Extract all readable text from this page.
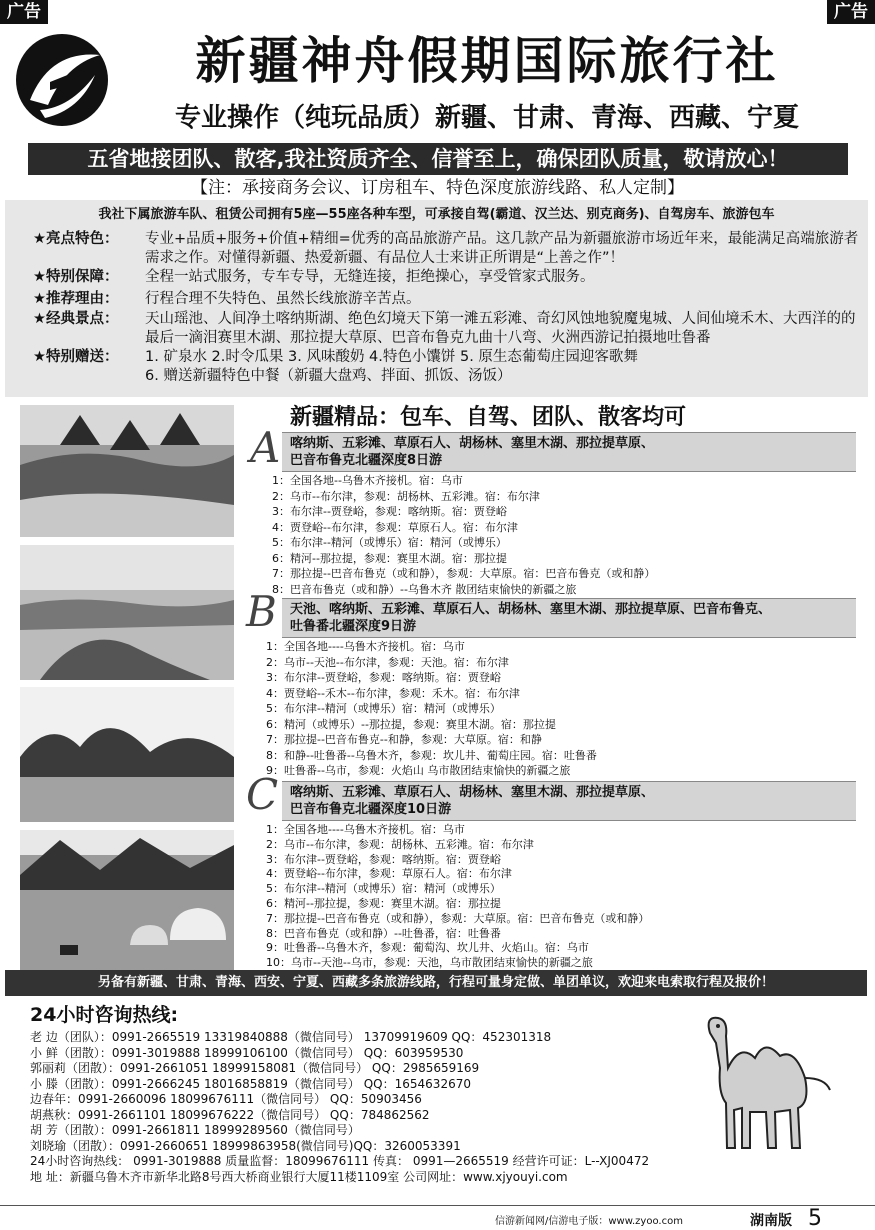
广告	广告
新疆神舟假期国际旅行社
专业操作（纯玩品质）新疆、甘肃、青海、西藏、宁夏
五省地接团队、散客,我社资质齐全、信誉至上，确保团队质量，敬请放心！
【注：承接商务会议、订房租车、特色深度旅游线路、私人定制】
我社下属旅游车队、租赁公司拥有5座—55座各种车型，可承接自驾(霸道、汉兰达、别克商务)、自驾房车、旅游包车
★亮点特色：	专业+品质+服务+价值+精细=优秀的高品旅游产品。这几款产品为新疆旅游市场近年来，最能满足高端旅游者需求之作。对懂得新疆、热爱新疆、有品位人士来讲正所谓是“上善之作”！
★特别保障：	全程一站式服务，专车专导，无缝连接，拒绝操心，享受管家式服务。
★推荐理由：	行程合理不失特色、虽然长线旅游辛苦点。
★经典景点：	天山瑶池、人间净土喀纳斯湖、绝色幻境天下第一滩五彩滩、奇幻风蚀地貌魔鬼城、人间仙境禾木、大西洋的的最后一滴泪赛里木湖、那拉提大草原、巴音布鲁克九曲十八弯、火洲西游记拍摄地吐鲁番
★特别赠送：	1. 矿泉水 2.时令瓜果 3. 风味酸奶 4.特色小馕饼 5. 原生态葡萄庄园迎客歌舞
6. 赠送新疆特色中餐（新疆大盘鸡、拌面、抓饭、汤饭）
新疆精品：包车、自驾、团队、散客均可
喀纳斯、五彩滩、草原石人、胡杨林、塞里木湖、那拉提草原、
巴音布鲁克北疆深度8日游
A
天池、喀纳斯、五彩滩、草原石人、胡杨林、塞里木湖、那拉提草原、巴音布鲁克、
吐鲁番北疆深度9日游
B
喀纳斯、五彩滩、草原石人、胡杨林、塞里木湖、那拉提草原、
巴音布鲁克北疆深度10日游
C
1：全国各地--乌鲁木齐接机。宿：乌市
2：乌市--布尔津，参观：胡杨林、五彩滩。宿：布尔津
3：布尔津--贾登峪，参观：喀纳斯。宿：贾登峪
4：贾登峪--布尔津，参观：草原石人。宿：布尔津
5：布尔津--精河（或博乐）宿：精河（或博乐）
6：精河--那拉提，参观：赛里木湖。宿：那拉提
7：那拉提--巴音布鲁克（或和静），参观：大草原。宿：巴音布鲁克（或和静）
8：巴音布鲁克（或和静）--乌鲁木齐 散团结束愉快的新疆之旅
1：全国各地----乌鲁木齐接机。宿：乌市
2：乌市--天池--布尔津，参观：天池。宿：布尔津
3：布尔津--贾登峪，参观：喀纳斯。宿：贾登峪
4：贾登峪--禾木--布尔津，参观：禾木。宿：布尔津
5：布尔津--精河（或博乐）宿：精河（或博乐）
6：精河（或博乐）--那拉提，参观：赛里木湖。宿：那拉提
7：那拉提--巴音布鲁克--和静，参观：大草原。宿：和静
8：和静--吐鲁番--乌鲁木齐，参观：坎儿井、葡萄庄园。宿：吐鲁番
9：吐鲁番--乌市，参观：火焰山 乌市散团结束愉快的新疆之旅
1：全国各地----乌鲁木齐接机。宿：乌市
2：乌市--布尔津，参观：胡杨林、五彩滩。宿：布尔津
3：布尔津--贾登峪，参观：喀纳斯。宿：贾登峪
4：贾登峪--布尔津，参观：草原石人。宿：布尔津
5：布尔津--精河（或博乐）宿：精河（或博乐）
6：精河--那拉提，参观：赛里木湖。宿：那拉提
7：那拉提--巴音布鲁克（或和静），参观：大草原。宿：巴音布鲁克（或和静）
8：巴音布鲁克（或和静）--吐鲁番，宿：吐鲁番
9：吐鲁番--乌鲁木齐，参观：葡萄沟、坎儿井、火焰山。宿：乌市
10：乌市--天池--乌市，参观：天池，乌市散团结束愉快的新疆之旅
另备有新疆、甘肃、青海、西安、宁夏、西藏多条旅游线路，行程可量身定做、单团单议，欢迎来电索取行程及报价！
24小时咨询热线:
老 边（团队）：0991-2665519 13319840888（微信同号） 13709919609 QQ：452301318
小 鲜（团散）：0991-3019888 18999106100（微信同号） QQ：603959530
郭丽莉（团散）：0991-2661051 18999158081（微信同号） QQ：2985659169
小 滕（团散）：0991-2666245 18016858819（微信同号） QQ：1654632670
边春年：0991-2660096 18099676111（微信同号） QQ：50903456
胡燕秋：0991-2661101 18099676222（微信同号） QQ：784862562
胡 芳（团散）：0991-2661811 18999289560（微信同号）
刘晓瑜（团散）：0991-2660651 18999863958(微信同号)QQ：3260053391
24小时咨询热线： 0991-3019888 质量监督：18099676111 传真： 0991—2665519 经营许可证：L--XJ00472
地 址：新疆乌鲁木齐市新华北路8号西大桥商业银行大厦11楼1109室 公司网址：www.xjyouyi.com
信游新闻网/信游电子版：www.zyoo.com	湖南版 5
